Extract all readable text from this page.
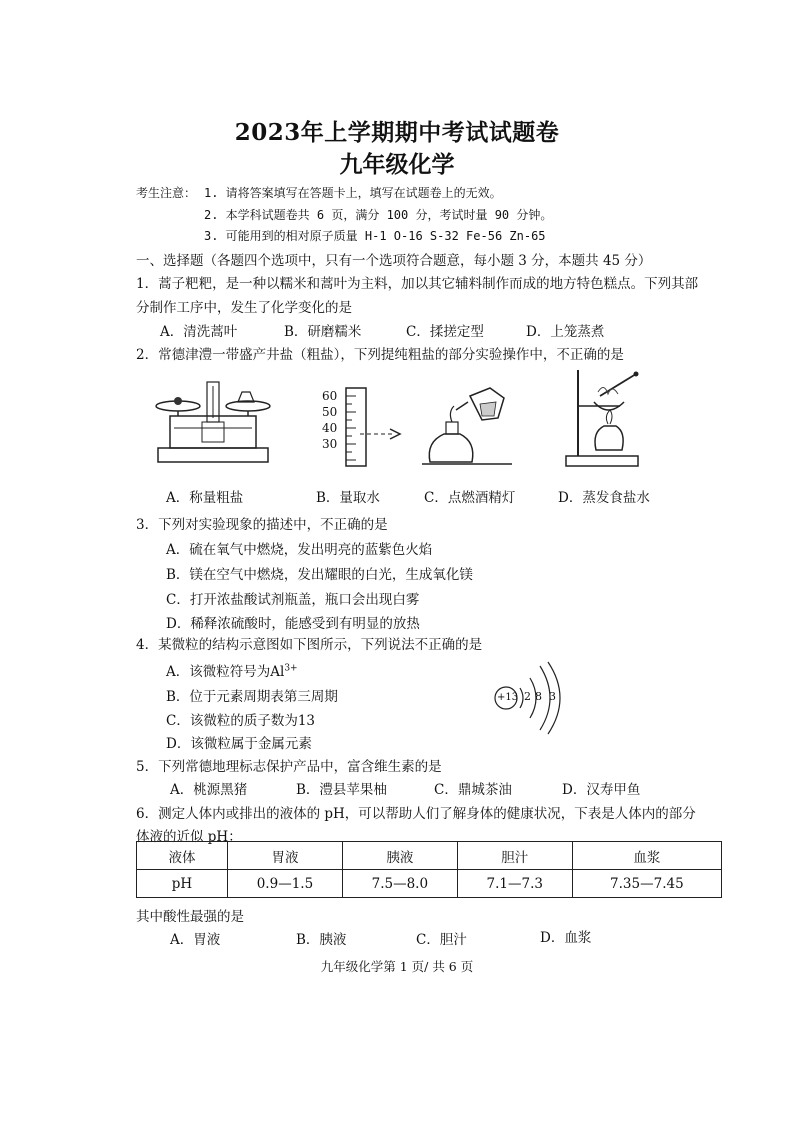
2023年上学期期中考试试题卷
九年级化学
考生注意： 1. 请将答案填写在答题卡上，填写在试题卷上的无效。
2. 本学科试题卷共 6 页，满分 100 分，考试时量 90 分钟。
3. 可能用到的相对原子质量 H-1 O-16 S-32 Fe-56 Zn-65
一、选择题（各题四个选项中，只有一个选项符合题意，每小题 3 分，本题共 45 分）
1．蒿子粑粑，是一种以糯米和蒿叶为主料，加以其它辅料制作而成的地方特色糕点。下列其部
分制作工序中，发生了化学变化的是
A．清洗蒿叶	B．研磨糯米	C．揉搓定型	D．上笼蒸煮
2．常德津澧一带盛产井盐（粗盐），下列提纯粗盐的部分实验操作中，不正确的是
60
50
40
30
A．称量粗盐	B．量取水	C．点燃酒精灯	D．蒸发食盐水
3．下列对实验现象的描述中，不正确的是
A．硫在氧气中燃烧，发出明亮的蓝紫色火焰
B．镁在空气中燃烧，发出耀眼的白光，生成氧化镁
C．打开浓盐酸试剂瓶盖，瓶口会出现白雾
D．稀释浓硫酸时，能感受到有明显的放热
4．某微粒的结构示意图如下图所示，下列说法不正确的是
A．该微粒符号为$Al^{3+}$
B．位于元素周期表第三周期
C．该微粒的质子数为13
D．该微粒属于金属元素
+13 2 8 3
5．下列常德地理标志保护产品中，富含维生素的是
A．桃源黑猪	B．澧县苹果柚	C．鼎城茶油	D．汉寿甲鱼
6．测定人体内或排出的液体的 pH，可以帮助人们了解身体的健康状况，下表是人体内的部分
体液的近似 pH：
液体	胃液	胰液	胆汁	血浆
pH	0.9—1.5	7.5—8.0	7.1—7.3	7.35—7.45
其中酸性最强的是
A．胃液	B．胰液	C．胆汁	D．血浆
九年级化学第 1 页/ 共 6 页
